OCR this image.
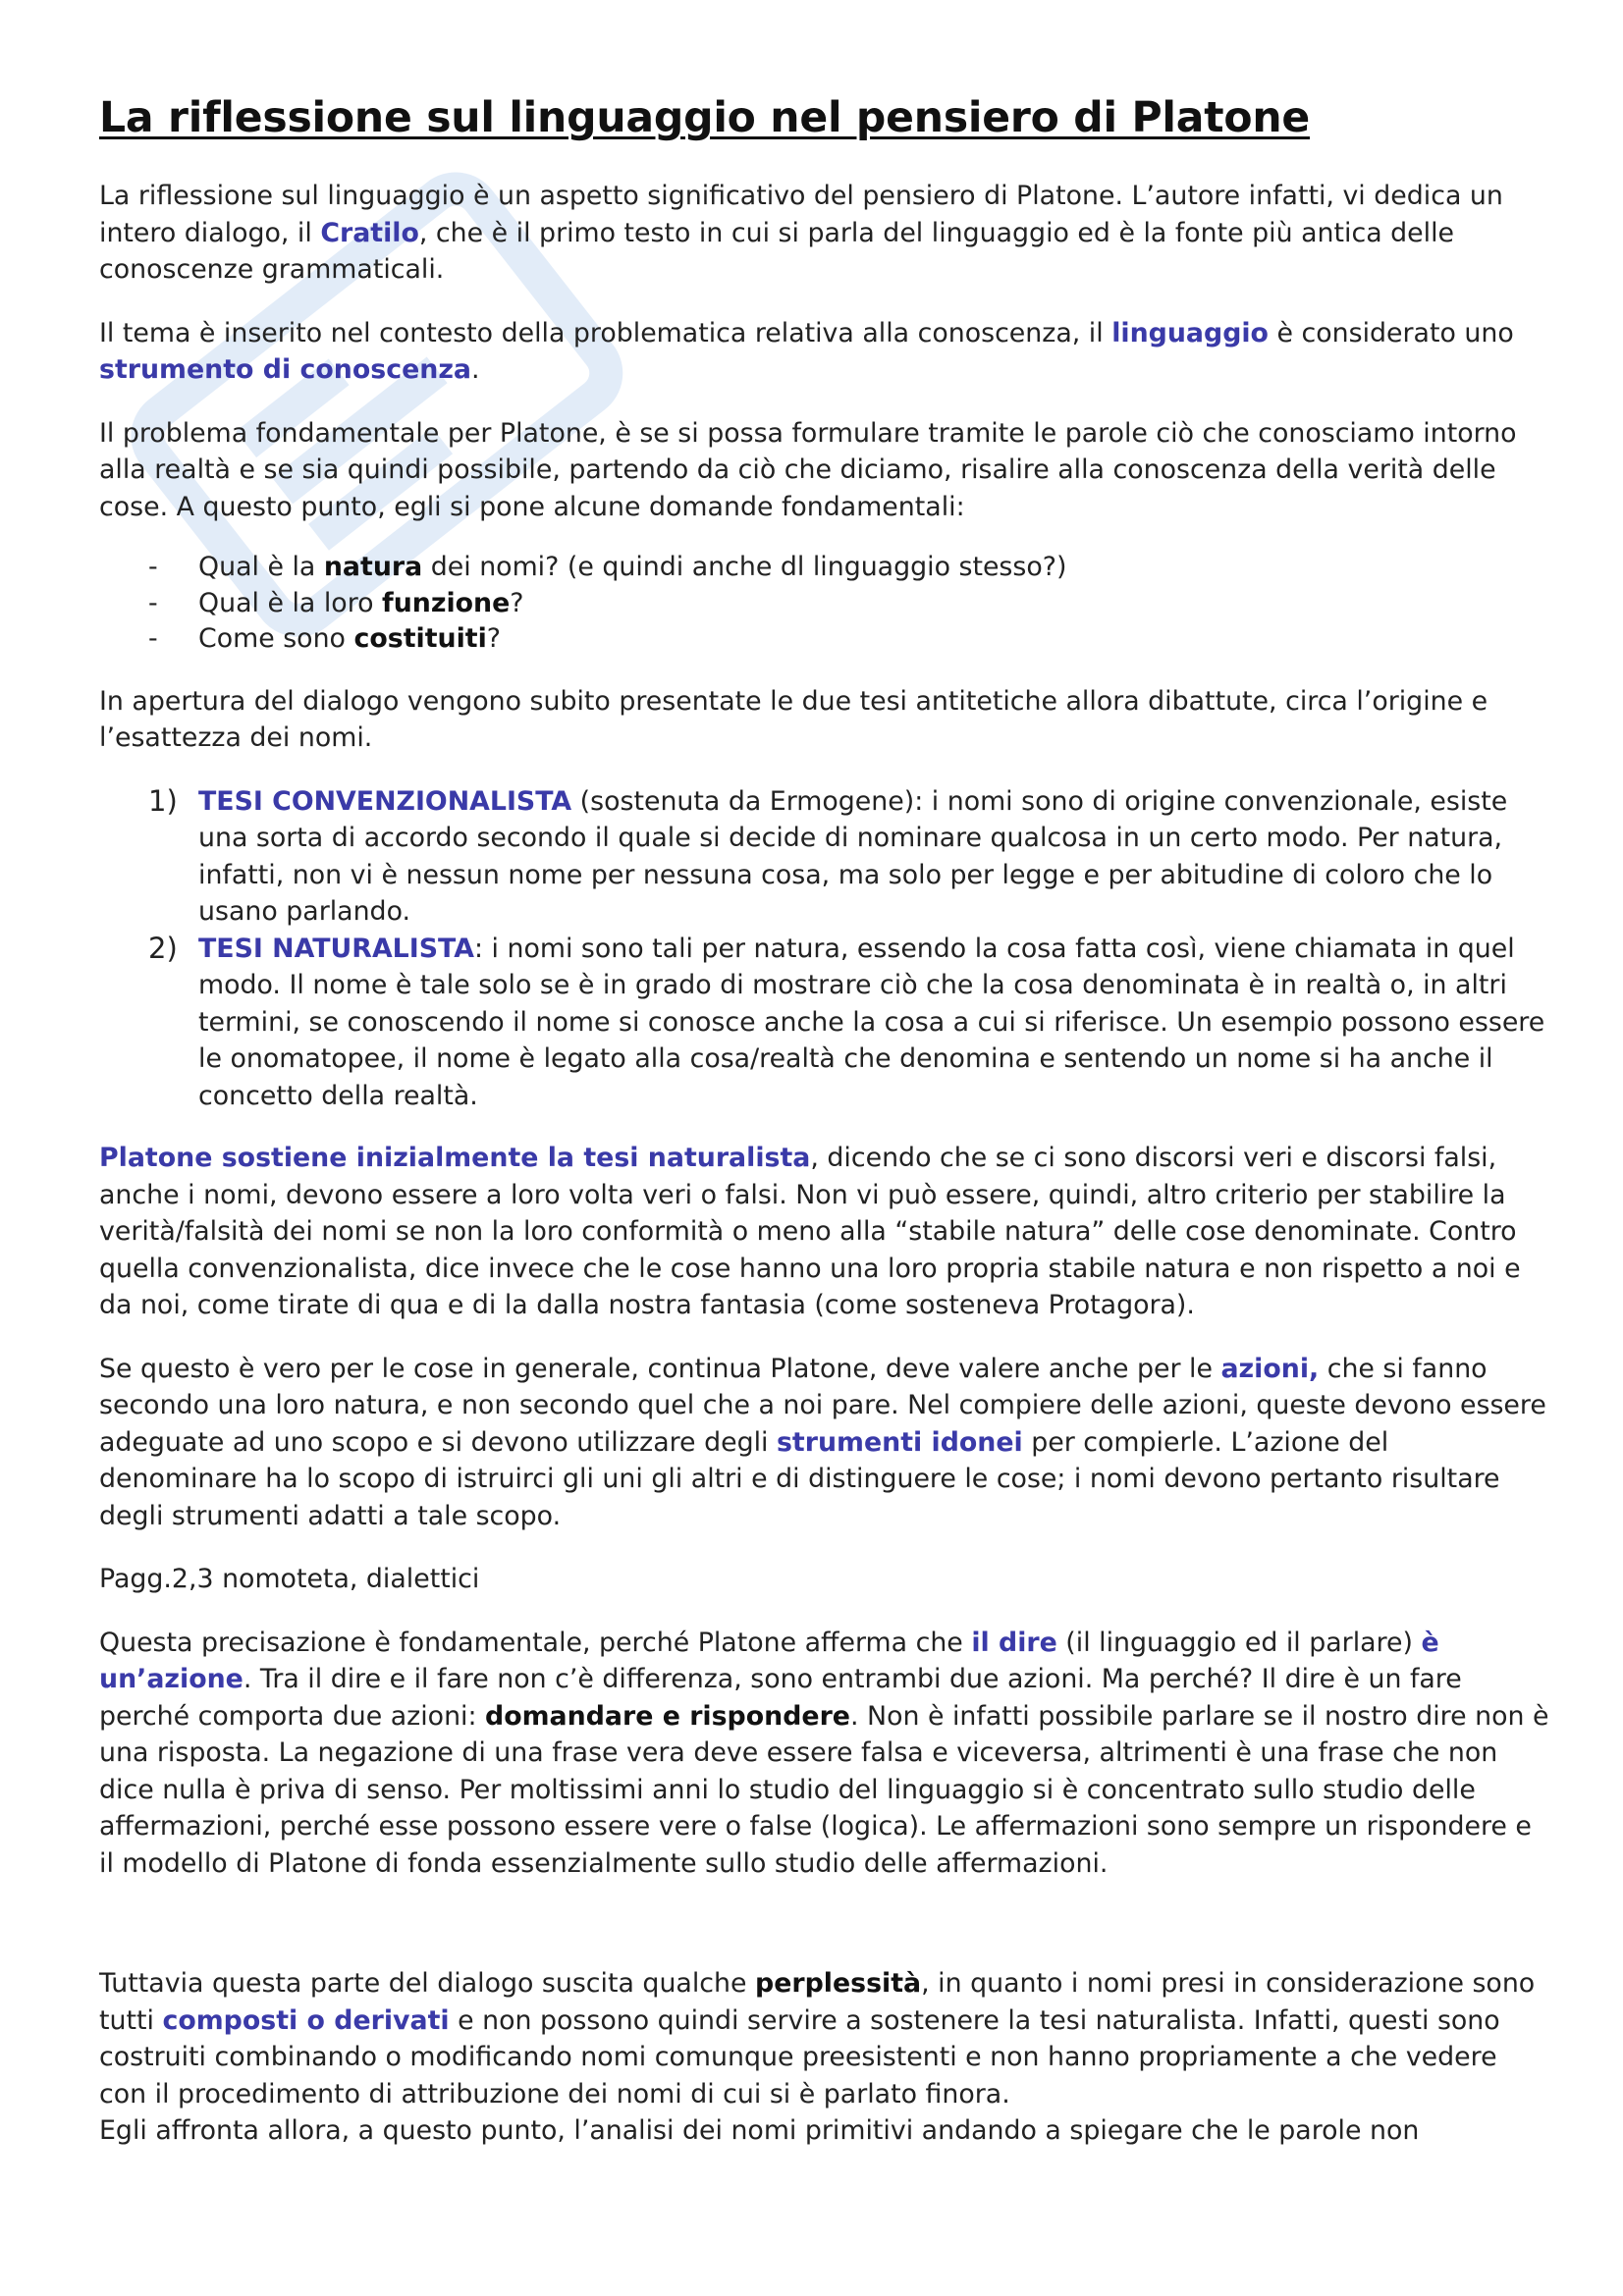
La riflessione sul linguaggio nel pensiero di Platone

La riflessione sul linguaggio è un aspetto significativo del pensiero di Platone. L’autore infatti, vi dedica un intero dialogo, il Cratilo, che è il primo testo in cui si parla del linguaggio ed è la fonte più antica delle conoscenze grammaticali.

Il tema è inserito nel contesto della problematica relativa alla conoscenza, il linguaggio è considerato uno strumento di conoscenza.

Il problema fondamentale per Platone, è se si possa formulare tramite le parole ciò che conosciamo intorno alla realtà e se sia quindi possibile, partendo da ciò che diciamo, risalire alla conoscenza della verità delle cose. A questo punto, egli si pone alcune domande fondamentali:

- Qual è la natura dei nomi? (e quindi anche dl linguaggio stesso?)
- Qual è la loro funzione?
- Come sono costituiti?

In apertura del dialogo vengono subito presentate le due tesi antitetiche allora dibattute, circa l’origine e l’esattezza dei nomi.

1) TESI CONVENZIONALISTA (sostenuta da Ermogene): i nomi sono di origine convenzionale, esiste una sorta di accordo secondo il quale si decide di nominare qualcosa in un certo modo. Per natura, infatti, non vi è nessun nome per nessuna cosa, ma solo per legge e per abitudine di coloro che lo usano parlando.
2) TESI NATURALISTA: i nomi sono tali per natura, essendo la cosa fatta così, viene chiamata in quel modo. Il nome è tale solo se è in grado di mostrare ciò che la cosa denominata è in realtà o, in altri termini, se conoscendo il nome si conosce anche la cosa a cui si riferisce. Un esempio possono essere le onomatopee, il nome è legato alla cosa/realtà che denomina e sentendo un nome si ha anche il concetto della realtà.

Platone sostiene inizialmente la tesi naturalista, dicendo che se ci sono discorsi veri e discorsi falsi, anche i nomi, devono essere a loro volta veri o falsi. Non vi può essere, quindi, altro criterio per stabilire la verità/falsità dei nomi se non la loro conformità o meno alla “stabile natura” delle cose denominate. Contro quella convenzionalista, dice invece che le cose hanno una loro propria stabile natura e non rispetto a noi e da noi, come tirate di qua e di la dalla nostra fantasia (come sosteneva Protagora).

Se questo è vero per le cose in generale, continua Platone, deve valere anche per le azioni, che si fanno secondo una loro natura, e non secondo quel che a noi pare. Nel compiere delle azioni, queste devono essere adeguate ad uno scopo e si devono utilizzare degli strumenti idonei per compierle. L’azione del denominare ha lo scopo di istruirci gli uni gli altri e di distinguere le cose; i nomi devono pertanto risultare degli strumenti adatti a tale scopo.

Pagg.2,3 nomoteta, dialettici

Questa precisazione è fondamentale, perché Platone afferma che il dire (il linguaggio ed il parlare) è un’azione. Tra il dire e il fare non c’è differenza, sono entrambi due azioni. Ma perché? Il dire è un fare perché comporta due azioni: domandare e rispondere. Non è infatti possibile parlare se il nostro dire non è una risposta. La negazione di una frase vera deve essere falsa e viceversa, altrimenti è una frase che non dice nulla è priva di senso. Per moltissimi anni lo studio del linguaggio si è concentrato sullo studio delle affermazioni, perché esse possono essere vere o false (logica). Le affermazioni sono sempre un rispondere e il modello di Platone di fonda essenzialmente sullo studio delle affermazioni.

Tuttavia questa parte del dialogo suscita qualche perplessità, in quanto i nomi presi in considerazione sono tutti composti o derivati e non possono quindi servire a sostenere la tesi naturalista. Infatti, questi sono costruiti combinando o modificando nomi comunque preesistenti e non hanno propriamente a che vedere con il procedimento di attribuzione dei nomi di cui si è parlato finora.

Egli affronta allora, a questo punto, l’analisi dei nomi primitivi andando a spiegare che le parole non
